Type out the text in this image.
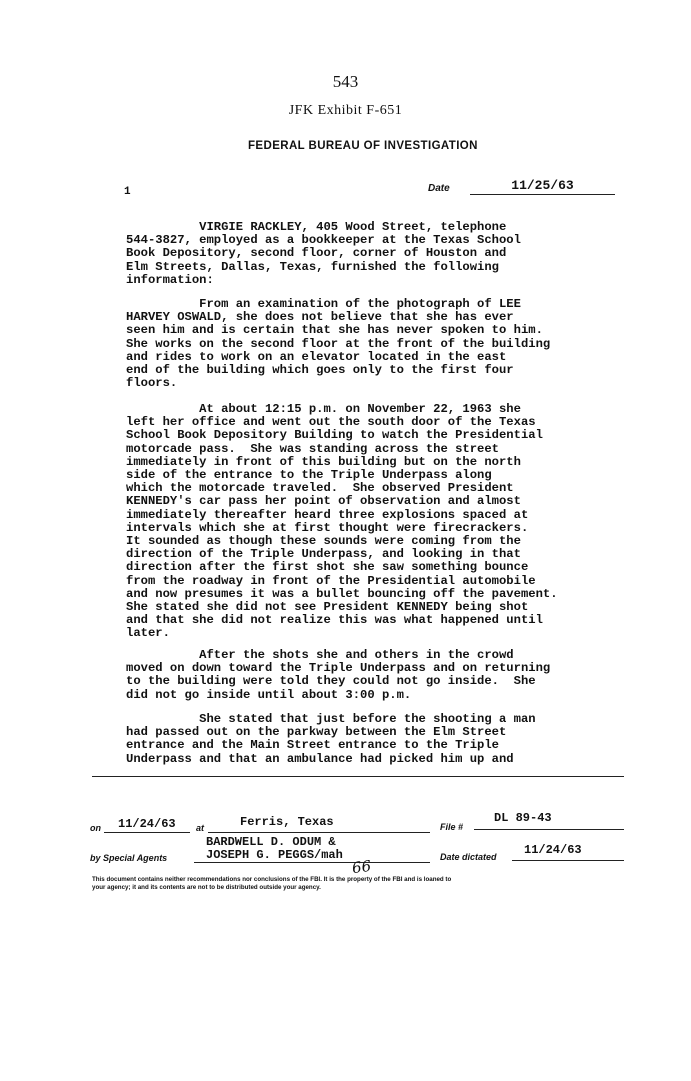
543
JFK Exhibit F-651
FEDERAL BUREAU OF INVESTIGATION
1	Date	11/25/63
VIRGIE RACKLEY, 405 Wood Street, telephone
544-3827, employed as a bookkeeper at the Texas School
Book Depository, second floor, corner of Houston and
Elm Streets, Dallas, Texas, furnished the following
information:
From an examination of the photograph of LEE
HARVEY OSWALD, she does not believe that she has ever
seen him and is certain that she has never spoken to him.
She works on the second floor at the front of the building
and rides to work on an elevator located in the east
end of the building which goes only to the first four
floors.
At about 12:15 p.m. on November 22, 1963 she
left her office and went out the south door of the Texas
School Book Depository Building to watch the Presidential
motorcade pass.  She was standing across the street
immediately in front of this building but on the north
side of the entrance to the Triple Underpass along
which the motorcade traveled.  She observed President
KENNEDY's car pass her point of observation and almost
immediately thereafter heard three explosions spaced at
intervals which she at first thought were firecrackers.
It sounded as though these sounds were coming from the
direction of the Triple Underpass, and looking in that
direction after the first shot she saw something bounce
from the roadway in front of the Presidential automobile
and now presumes it was a bullet bouncing off the pavement.
She stated she did not see President KENNEDY being shot
and that she did not realize this was what happened until
later.
After the shots she and others in the crowd
moved on down toward the Triple Underpass and on returning
to the building were told they could not go inside.  She
did not go inside until about 3:00 p.m.
She stated that just before the shooting a man
had passed out on the parkway between the Elm Street
entrance and the Main Street entrance to the Triple
Underpass and that an ambulance had picked him up and
on 11/24/63 at	Ferris, Texas	File #
DL 89-43
BARDWELL D. ODUM &
by Special Agents	JOSEPH G. PEGGS/mah	Date dictated 11/24/63
66
This document contains neither recommendations nor conclusions of the FBI. It is the property of the FBI and is loaned to
your agency; it and its contents are not to be distributed outside your agency.
